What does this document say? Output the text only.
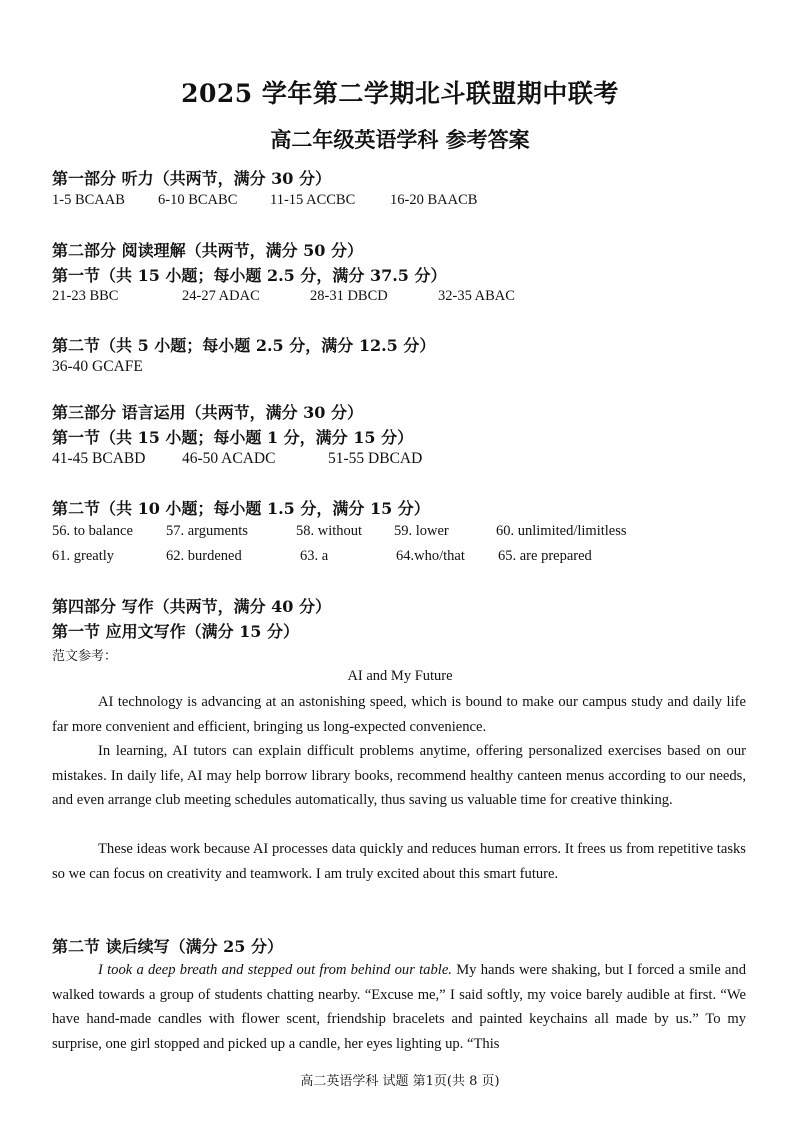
2025 学年第二学期北斗联盟期中联考
高二年级英语学科 参考答案
第一部分 听力（共两节，满分 30 分）
1-5 BCAAB 6-10 BCABC 11-15 ACCBC 16-20 BAACB
第二部分 阅读理解（共两节，满分 50 分）
第一节（共 15 小题；每小题 2.5 分，满分 37.5 分）
21-23 BBC	24-27 ADAC	28-31 DBCD	32-35 ABAC
第二节（共 5 小题；每小题 2.5 分，满分 12.5 分）
36-40 GCAFE
第三部分 语言运用（共两节，满分 30 分）
第一节（共 15 小题；每小题 1 分，满分 15 分）
41-45 BCABD 46-50 ACADC	51-55 DBCAD
第二节（共 10 小题；每小题 1.5 分，满分 15 分）
56. to balance 57. arguments	58. without 59. lower	60. unlimited/limitless
61. greatly	62. burdened	63. a	64.who/that 65. are prepared
第四部分 写作（共两节，满分 40 分）
第一节 应用文写作（满分 15 分）
范文参考：
AI and My Future

AI technology is advancing at an astonishing speed, which is bound to make our campus study and daily life far more convenient and efficient, bringing us long-expected convenience.

In learning, AI tutors can explain difficult problems anytime, offering personalized exercises based on our mistakes. In daily life, AI may help borrow library books, recommend healthy canteen menus according to our needs, and even arrange club meeting schedules automatically, thus saving us valuable time for creative thinking.

These ideas work because AI processes data quickly and reduces human errors. It frees us from repetitive tasks so we can focus on creativity and teamwork. I am truly excited about this smart future.

第二节 读后续写（满分 25 分）

I took a deep breath and stepped out from behind our table. My hands were shaking, but I forced a smile and walked towards a group of students chatting nearby. “Excuse me,” I said softly, my voice barely audible at first. “We have hand-made candles with flower scent, friendship bracelets and painted keychains all made by us.” To my surprise, one girl stopped and picked up a candle, her eyes lighting up. “This

高二英语学科 试题 第1页(共 8 页)
